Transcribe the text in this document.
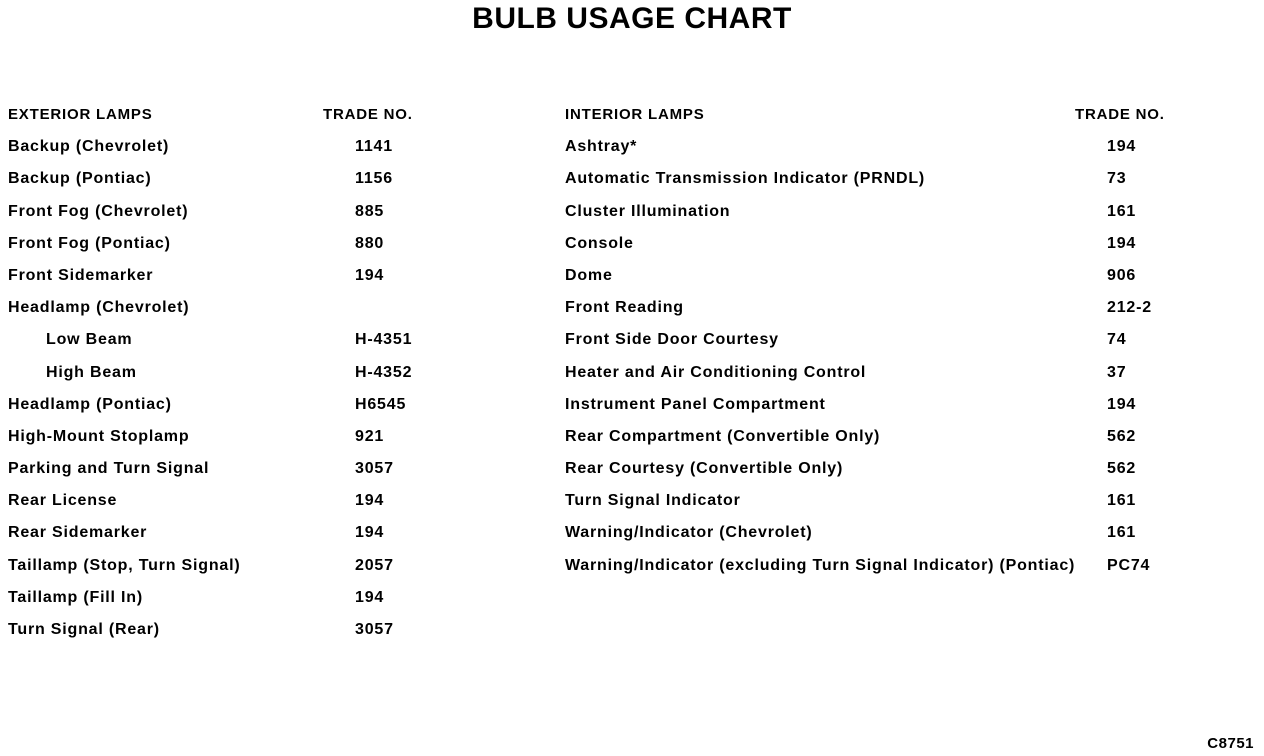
BULB USAGE CHART
EXTERIOR LAMPS	TRADE NO.
Backup (Chevrolet)	1141
Backup (Pontiac)	1156
Front Fog (Chevrolet)	885
Front Fog (Pontiac)	880
Front Sidemarker	194
Headlamp (Chevrolet)
Low Beam	H-4351
High Beam	H-4352
Headlamp (Pontiac)	H6545
High-Mount Stoplamp	921
Parking and Turn Signal	3057
Rear License	194
Rear Sidemarker	194
Taillamp (Stop, Turn Signal)	2057
Taillamp (Fill In)	194
Turn Signal (Rear)	3057
INTERIOR LAMPS	TRADE NO.
Ashtray*	194
Automatic Transmission Indicator (PRNDL)	73
Cluster Illumination	161
Console	194
Dome	906
Front Reading	212-2
Front Side Door Courtesy	74
Heater and Air Conditioning Control	37
Instrument Panel Compartment	194
Rear Compartment (Convertible Only)	562
Rear Courtesy (Convertible Only)	562
Turn Signal Indicator	161
Warning/Indicator (Chevrolet)	161
Warning/Indicator (excluding Turn Signal Indicator) (Pontiac)	PC74
C8751
